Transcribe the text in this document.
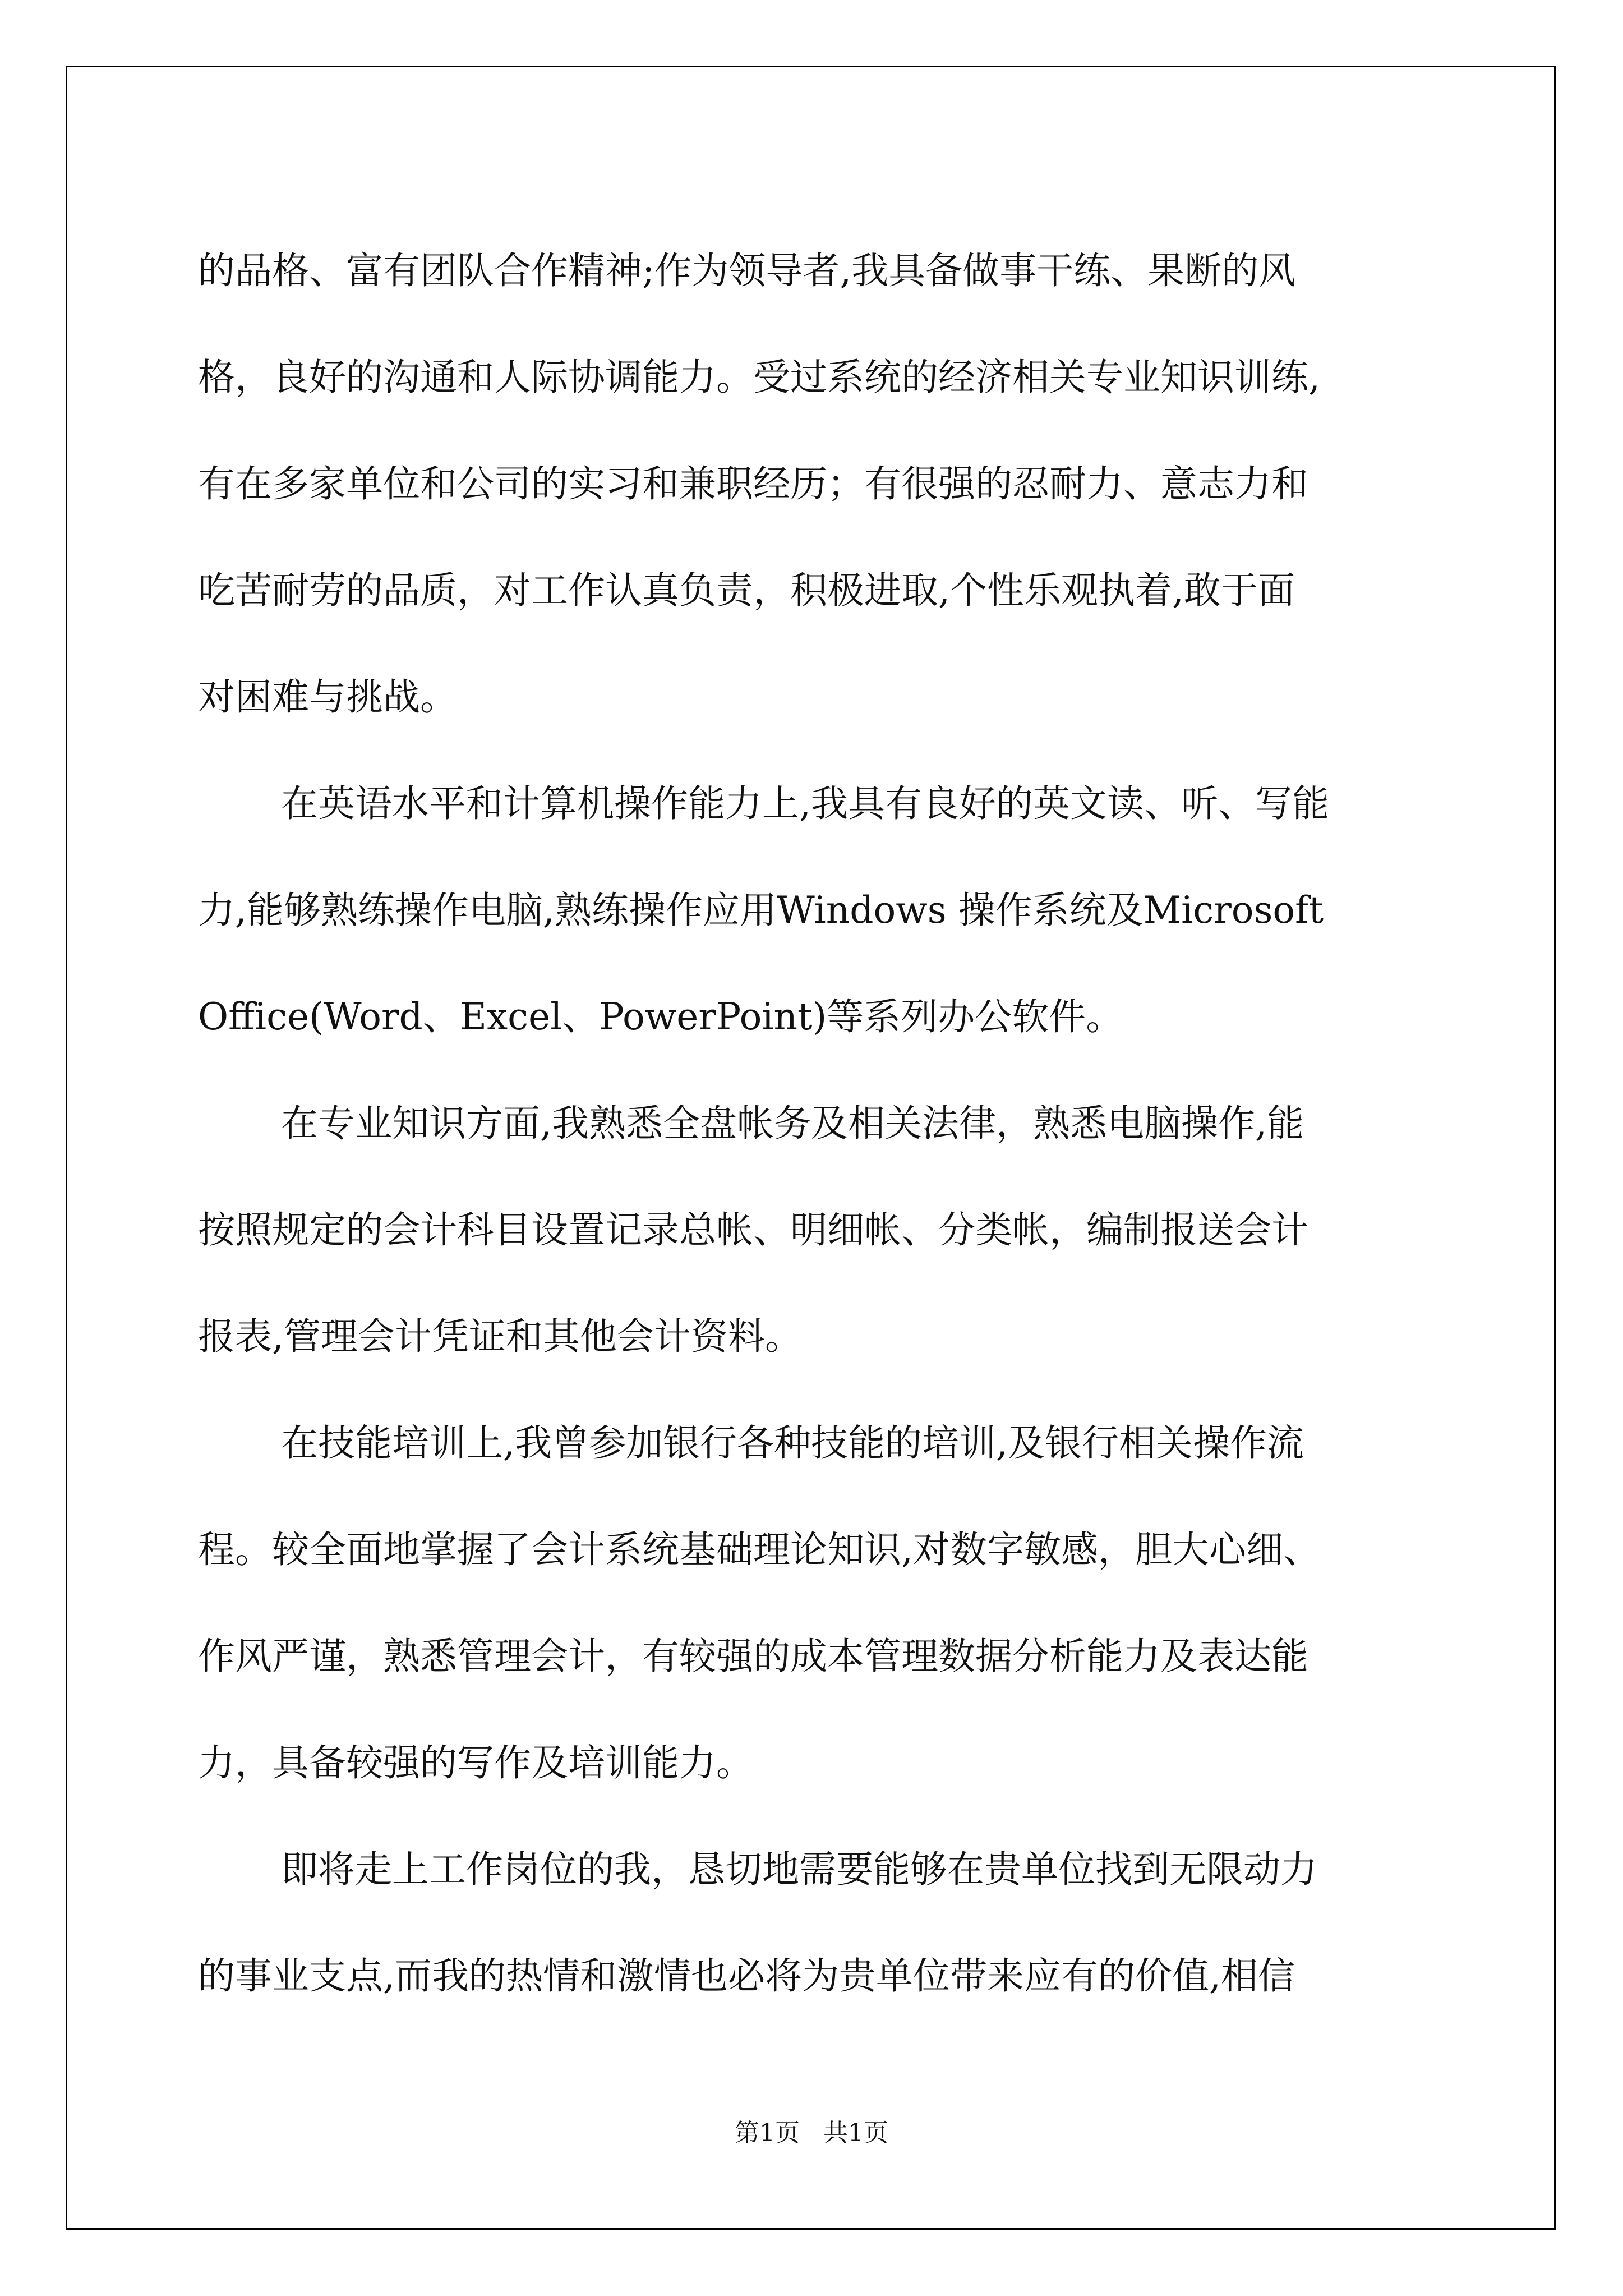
的品格、富有团队合作精神;作为领导者,我具备做事干练、果断的风
格，良好的沟通和人际协调能力。受过系统的经济相关专业知识训练,
有在多家单位和公司的实习和兼职经历；有很强的忍耐力、意志力和
吃苦耐劳的品质，对工作认真负责，积极进取,个性乐观执着,敢于面
对困难与挑战。
在英语水平和计算机操作能力上,我具有良好的英文读、听、写能
力,能够熟练操作电脑,熟练操作应用Windows 操作系统及Microsoft
Office(Word、Excel、PowerPoint)等系列办公软件。
在专业知识方面,我熟悉全盘帐务及相关法律，熟悉电脑操作,能
按照规定的会计科目设置记录总帐、明细帐、分类帐，编制报送会计
报表,管理会计凭证和其他会计资料。
在技能培训上,我曾参加银行各种技能的培训,及银行相关操作流
程。较全面地掌握了会计系统基础理论知识,对数字敏感，胆大心细、
作风严谨，熟悉管理会计，有较强的成本管理数据分析能力及表达能
力，具备较强的写作及培训能力。
即将走上工作岗位的我，恳切地需要能够在贵单位找到无限动力
的事业支点,而我的热情和激情也必将为贵单位带来应有的价值,相信
第1页   共1页
